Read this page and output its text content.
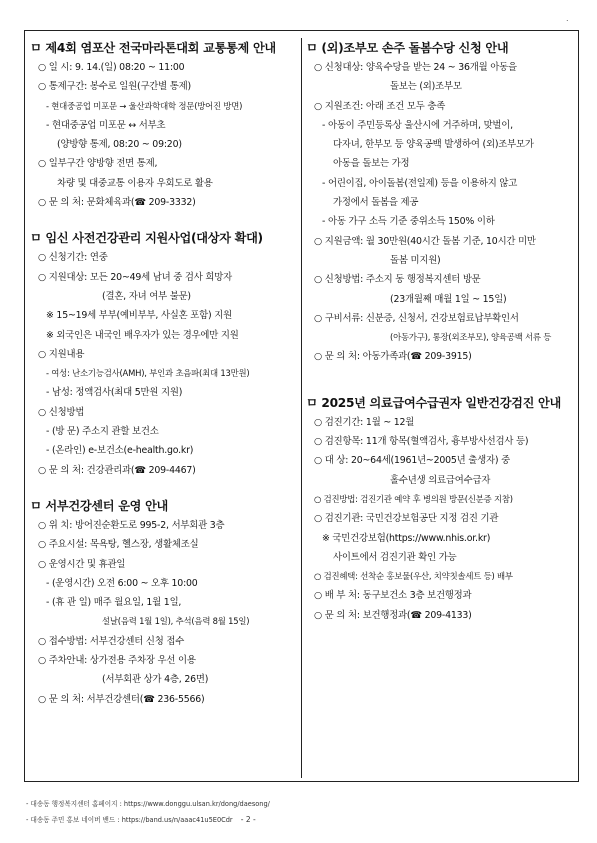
.
ㅁ 제4회 염포산 전국마라톤대회 교통통제 안내
○ 일 시: 9. 14.(일) 08:20 ~ 11:00
○ 통제구간: 봉수로 일원(구간별 통제)
- 현대중공업 미포문 → 울산과학대학 정문(방어진 방면)
- 현대중공업 미포문 ↔ 서부초
(양방향 통제, 08:20 ~ 09:20)
○ 일부구간 양방향 전면 통제,
차량 및 대중교통 이용자 우회도로 활용
○ 문 의 처: 문화체육과(☎ 209-3332)
ㅁ 임신 사전건강관리 지원사업(대상자 확대)
○ 신청기간: 연중
○ 지원대상: 모든 20~49세 남녀 중 검사 희망자
(결혼, 자녀 여부 불문)
※ 15~19세 부부(예비부부, 사실혼 포함) 지원
※ 외국인은 내국인 배우자가 있는 경우에만 지원
○ 지원내용
- 여성: 난소기능검사(AMH), 부인과 초음파(최대 13만원)
- 남성: 정액검사(최대 5만원 지원)
○ 신청방법
- (방 문) 주소지 관할 보건소
- (온라인) e-보건소(e-health.go.kr)
○ 문 의 처: 건강관리과(☎ 209-4467)
ㅁ 서부건강센터 운영 안내
○ 위 치: 방어진순환도로 995-2, 서부회관 3층
○ 주요시설: 목욕탕, 헬스장, 생활체조실
○ 운영시간 및 휴관일
- (운영시간) 오전 6:00 ~ 오후 10:00
- (휴 관 일) 매주 월요일, 1월 1일,
설날(음력 1월 1일), 추석(음력 8월 15일)
○ 접수방법: 서부건강센터 신청 접수
○ 주차안내: 상가전용 주차장 우선 이용
(서부회관 상가 4층, 26면)
○ 문 의 처: 서부건강센터(☎ 236-5566)
ㅁ (외)조부모 손주 돌봄수당 신청 안내
○ 신청대상: 양육수당을 받는 24 ~ 36개월 아동을
돌보는 (외)조부모
○ 지원조건: 아래 조건 모두 충족
- 아동이 주민등록상 울산시에 거주하며, 맞벌이,
다자녀, 한부모 등 양육공백 발생하여 (외)조부모가
아동을 돌보는 가정
- 어린이집, 아이돌봄(전일제) 등을 이용하지 않고
가정에서 돌봄을 제공
- 아동 가구 소득 기준 중위소득 150% 이하
○ 지원금액: 월 30만원(40시간 돌봄 기준, 10시간 미만
돌봄 미지원)
○ 신청방법: 주소지 동 행정복지센터 방문
(23개월째 매월 1일 ~ 15일)
○ 구비서류: 신분증, 신청서, 건강보험료납부확인서
(아동가구), 통장(외조부모), 양육공백 서류 등
○ 문 의 처: 아동가족과(☎ 209-3915)
ㅁ 2025년 의료급여수급권자 일반건강검진 안내
○ 검진기간: 1월 ~ 12월
○ 검진항목: 11개 항목(혈액검사, 흉부방사선검사 등)
○ 대 상: 20~64세(1961년~2005년 출생자) 중
홀수년생 의료급여수급자
○ 검진방법: 검진기관 예약 후 병의원 방문(신분증 지참)
○ 검진기관: 국민건강보험공단 지정 검진 기관
※ 국민건강보험(https://www.nhis.or.kr)
사이트에서 검진기관 확인 가능
○ 검진혜택: 선착순 홍보물(우산, 치약칫솔세트 등) 배부
○ 배 부 처: 동구보건소 3층 보건행정과
○ 문 의 처: 보건행정과(☎ 209-4133)
- 대송동 행정복지센터 홈페이지 : https://www.donggu.ulsan.kr/dong/daesong/
- 대송동 주민 홍보 네이버 밴드 : https://band.us/n/aaac41u5E0Cdr - 2 -
